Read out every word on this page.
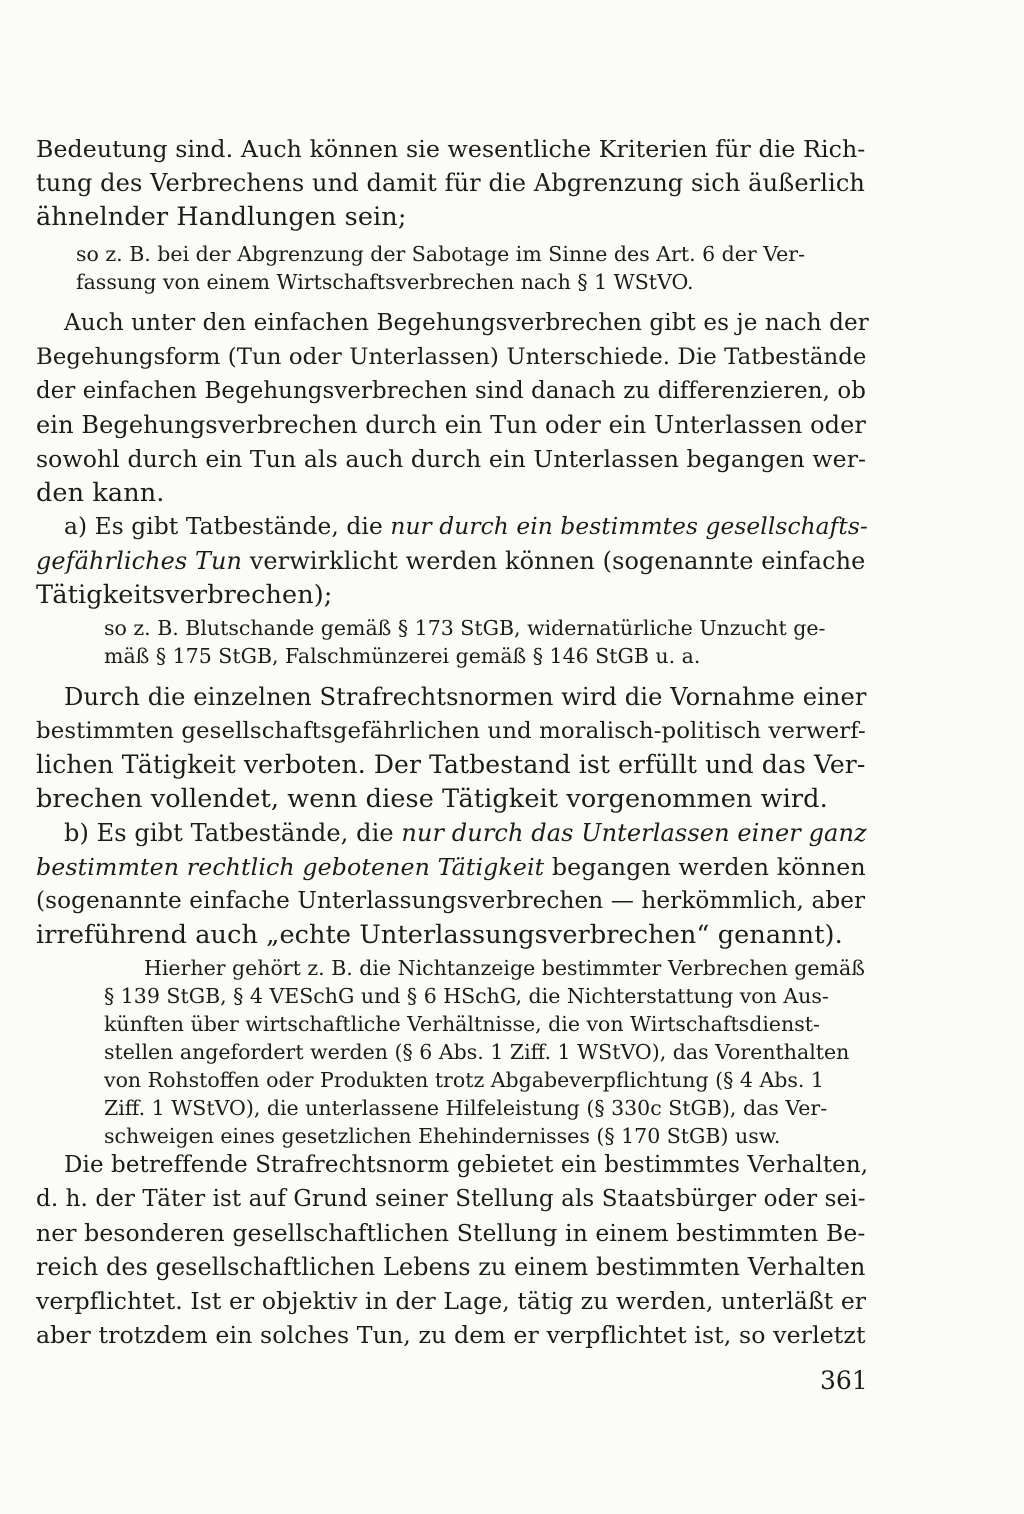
Bedeutung sind. Auch können sie wesentliche Kriterien für die Rich-
tung des Verbrechens und damit für die Abgrenzung sich äußerlich
ähnelnder Handlungen sein;
so z. B. bei der Abgrenzung der Sabotage im Sinne des Art. 6 der Ver-
fassung von einem Wirtschaftsverbrechen nach § 1 WStVO.
Auch unter den einfachen Begehungsverbrechen gibt es je nach der
Begehungsform (Tun oder Unterlassen) Unterschiede. Die Tatbestände
der einfachen Begehungsverbrechen sind danach zu differenzieren, ob
ein Begehungsverbrechen durch ein Tun oder ein Unterlassen oder
sowohl durch ein Tun als auch durch ein Unterlassen begangen wer-
den kann.
a) Es gibt Tatbestände, die nur durch ein bestimmtes gesellschafts-
gefährliches Tun verwirklicht werden können (sogenannte einfache
Tätigkeitsverbrechen);
so z. B. Blutschande gemäß § 173 StGB, widernatürliche Unzucht ge-
mäß § 175 StGB, Falschmünzerei gemäß § 146 StGB u. a.
Durch die einzelnen Strafrechtsnormen wird die Vornahme einer
bestimmten gesellschaftsgefährlichen und moralisch-politisch verwerf-
lichen Tätigkeit verboten. Der Tatbestand ist erfüllt und das Ver-
brechen vollendet, wenn diese Tätigkeit vorgenommen wird.
b) Es gibt Tatbestände, die nur durch das Unterlassen einer ganz
bestimmten rechtlich gebotenen Tätigkeit begangen werden können
(sogenannte einfache Unterlassungsverbrechen — herkömmlich, aber
irreführend auch „echte Unterlassungsverbrechen“ genannt).
Hierher gehört z. B. die Nichtanzeige bestimmter Verbrechen gemäß
§ 139 StGB, § 4 VESchG und § 6 HSchG, die Nichterstattung von Aus-
künften über wirtschaftliche Verhältnisse, die von Wirtschaftsdienst-
stellen angefordert werden (§ 6 Abs. 1 Ziff. 1 WStVO), das Vorenthalten
von Rohstoffen oder Produkten trotz Abgabeverpflichtung (§ 4 Abs. 1
Ziff. 1 WStVO), die unterlassene Hilfeleistung (§ 330c StGB), das Ver-
schweigen eines gesetzlichen Ehehindernisses (§ 170 StGB) usw.
Die betreffende Strafrechtsnorm gebietet ein bestimmtes Verhalten,
d. h. der Täter ist auf Grund seiner Stellung als Staatsbürger oder sei-
ner besonderen gesellschaftlichen Stellung in einem bestimmten Be-
reich des gesellschaftlichen Lebens zu einem bestimmten Verhalten
verpflichtet. Ist er objektiv in der Lage, tätig zu werden, unterläßt er
aber trotzdem ein solches Tun, zu dem er verpflichtet ist, so verletzt
361
